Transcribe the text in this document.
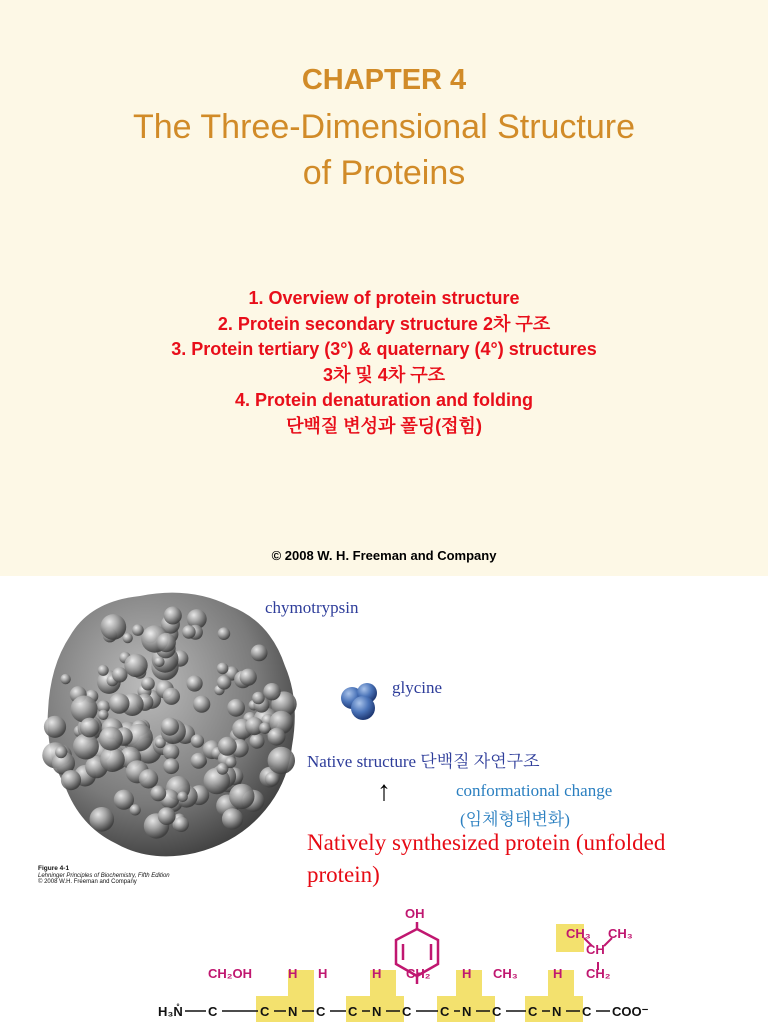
CHAPTER 4
The Three-Dimensional Structure
of Proteins
1. Overview of protein structure
2. Protein secondary structure 2차 구조
3. Protein tertiary (3°) & quaternary (4°) structures
3차 및 4차 구조
4. Protein denaturation and folding
단백질 변성과 폴딩(접힘)
© 2008 W. H. Freeman and Company
chymotrypsin
glycine
Native structure 단백질 자연구조
conformational change
(임체형태변화)
↑
Natively synthesized protein (unfolded
protein)
Figure 4-1
Lehninger Principles of Biochemistry, Fifth Edition
© 2008 W.H. Freeman and Company
OH
CH₂OH	H H	H CH₂ H CH₃	H CH₂
CH
CH₃ CH₃
H₃N̊ C	C N C C N C C N C C N C COO⁻
